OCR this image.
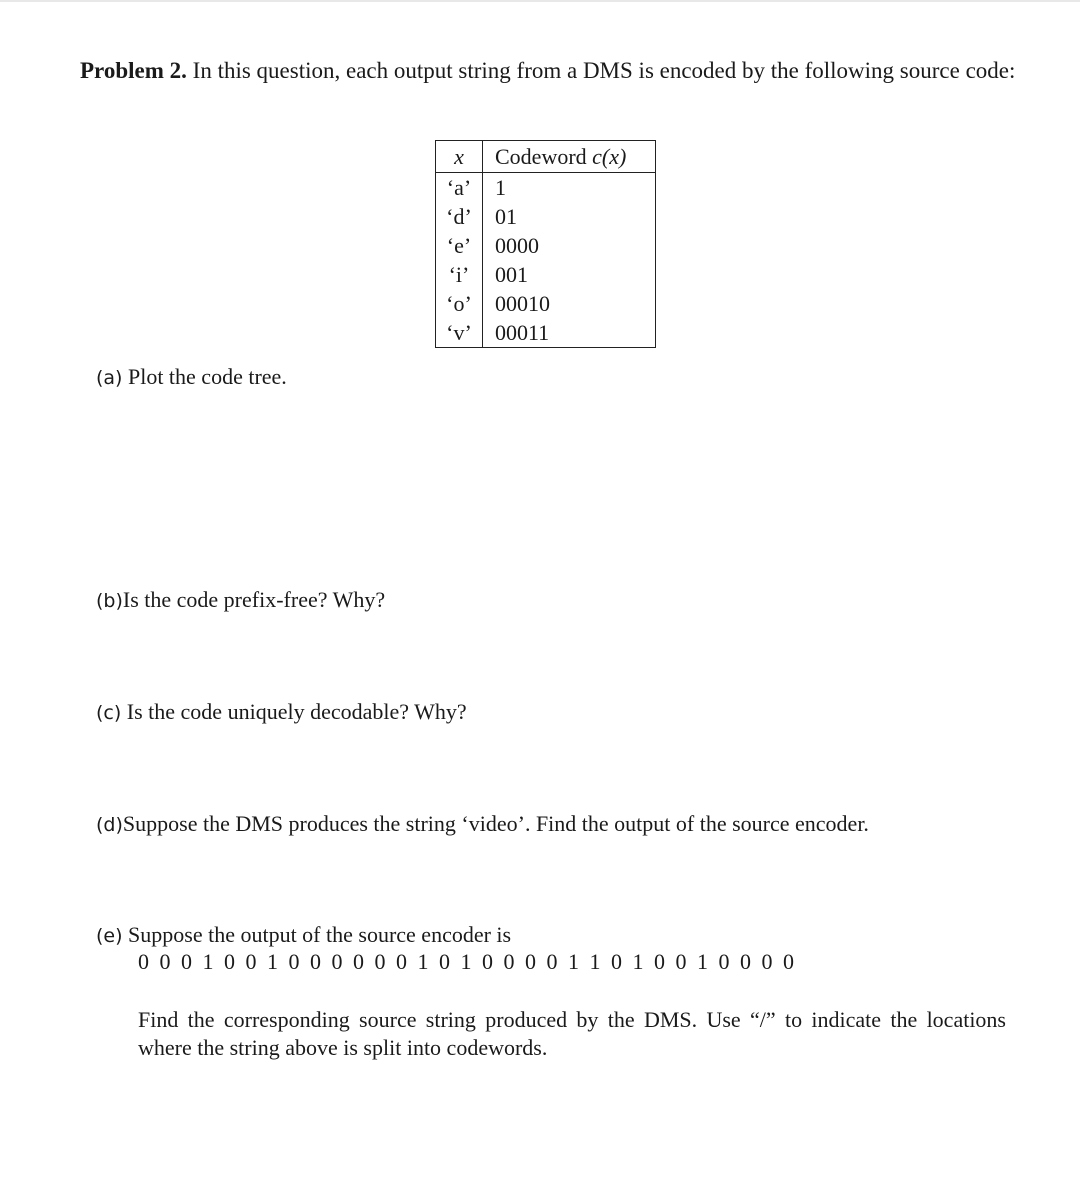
Problem 2. In this question, each output string from a DMS is encoded by the following source code:
x	Codeword c(x)
‘a’	1
‘d’	01
‘e’	0000
‘i’	001
‘o’	00010
‘v’	00011
(a) Plot the code tree.
(b)Is the code prefix-free? Why?
(c) Is the code uniquely decodable? Why?
(d)Suppose the DMS produces the string ‘video’. Find the output of the source encoder.
(e) Suppose the output of the source encoder is
0 0 0 1 0 0 1 0 0 0 0 0 0 1 0 1 0 0 0 0 1 1 0 1 0 0 1 0 0 0 0
Find the corresponding source string produced by the DMS. Use “/” to indicate the locations where the string above is split into codewords.
